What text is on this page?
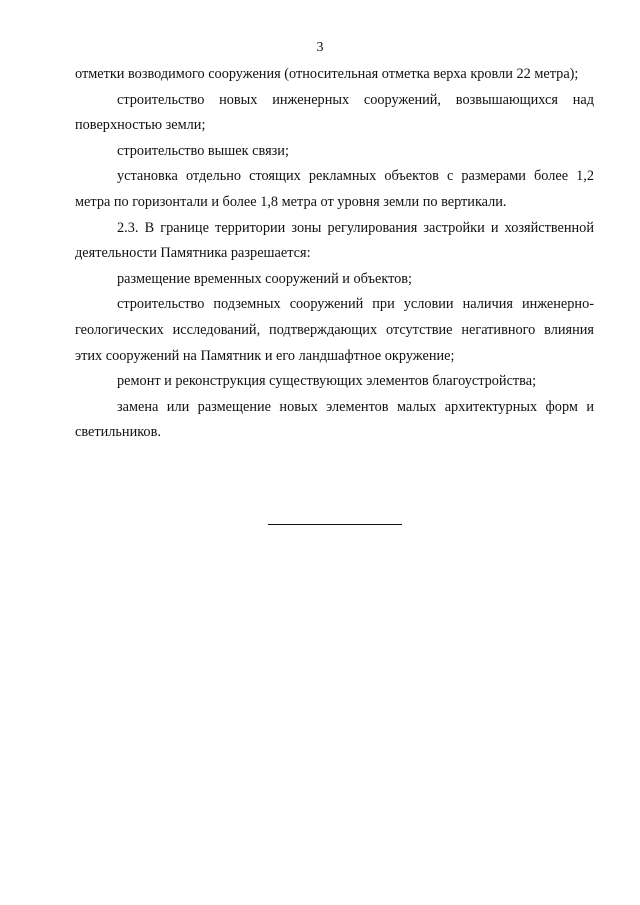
3

отметки возводимого сооружения (относительная отметка верха кровли 22 метра);

строительство новых инженерных сооружений, возвышающихся над поверхностью земли;

строительство вышек связи;

установка отдельно стоящих рекламных объектов с размерами более 1,2 метра по горизонтали и более 1,8 метра от уровня земли по вертикали.

2.3. В границе территории зоны регулирования застройки и хозяйственной деятельности Памятника разрешается:

размещение временных сооружений и объектов;

строительство подземных сооружений при условии наличия инженерно-геологических исследований, подтверждающих отсутствие негативного влияния этих сооружений на Памятник и его ландшафтное окружение;

ремонт и реконструкция существующих элементов благоустройства;

замена или размещение новых элементов малых архитектурных форм и светильников.
